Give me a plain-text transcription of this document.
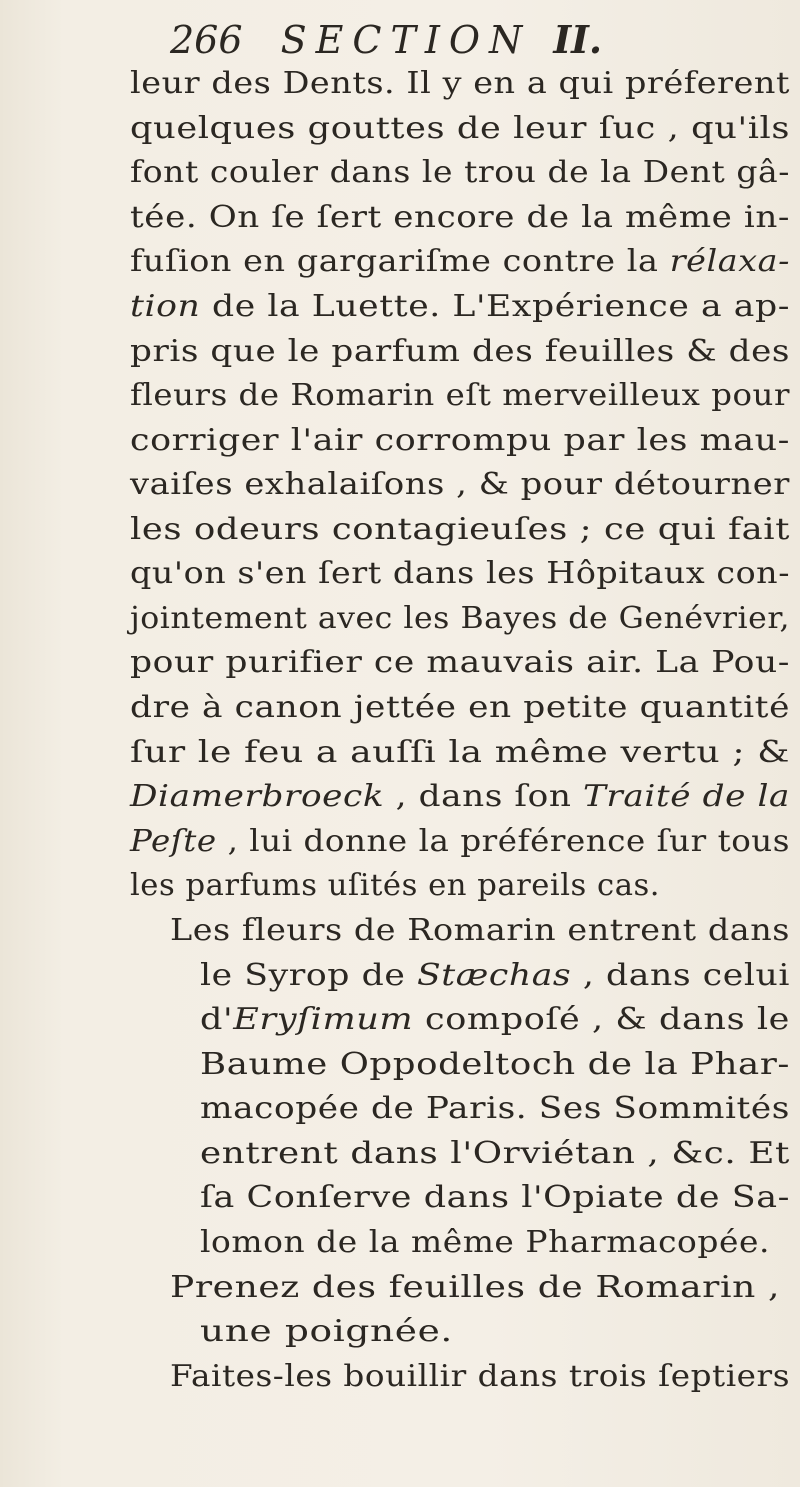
266 SECTION II.
leur des Dents. Il y en a qui préferent
quelques gouttes de leur ſuc , qu'ils
font couler dans le trou de la Dent gâ-
tée. On ſe ſert encore de la même in-
fuſion en gargariſme contre la rélaxa-
tion de la Luette. L'Expérience a ap-
pris que le parfum des feuilles & des
fleurs de Romarin eſt merveilleux pour
corriger l'air corrompu par les mau-
vaiſes exhalaiſons , & pour détourner
les odeurs contagieuſes ; ce qui fait
qu'on s'en ſert dans les Hôpitaux con-
jointement avec les Bayes de Genévrier,
pour purifier ce mauvais air. La Pou-
dre à canon jettée en petite quantité
ſur le feu a auſſi la même vertu ; &
Diamerbroeck , dans ſon Traité de la
Peſte , lui donne la préférence ſur tous
les parfums uſités en pareils cas.
Les fleurs de Romarin entrent dans
le Syrop de Stæchas , dans celui
d'Eryſimum compoſé , & dans le
Baume Oppodeltoch de la Phar-
macopée de Paris. Ses Sommités
entrent dans l'Orviétan , &c. Et
ſa Conſerve dans l'Opiate de Sa-
lomon de la même Pharmacopée.
Prenez des feuilles de Romarin ,
une poignée.
Faites-les bouillir dans trois ſeptiers
